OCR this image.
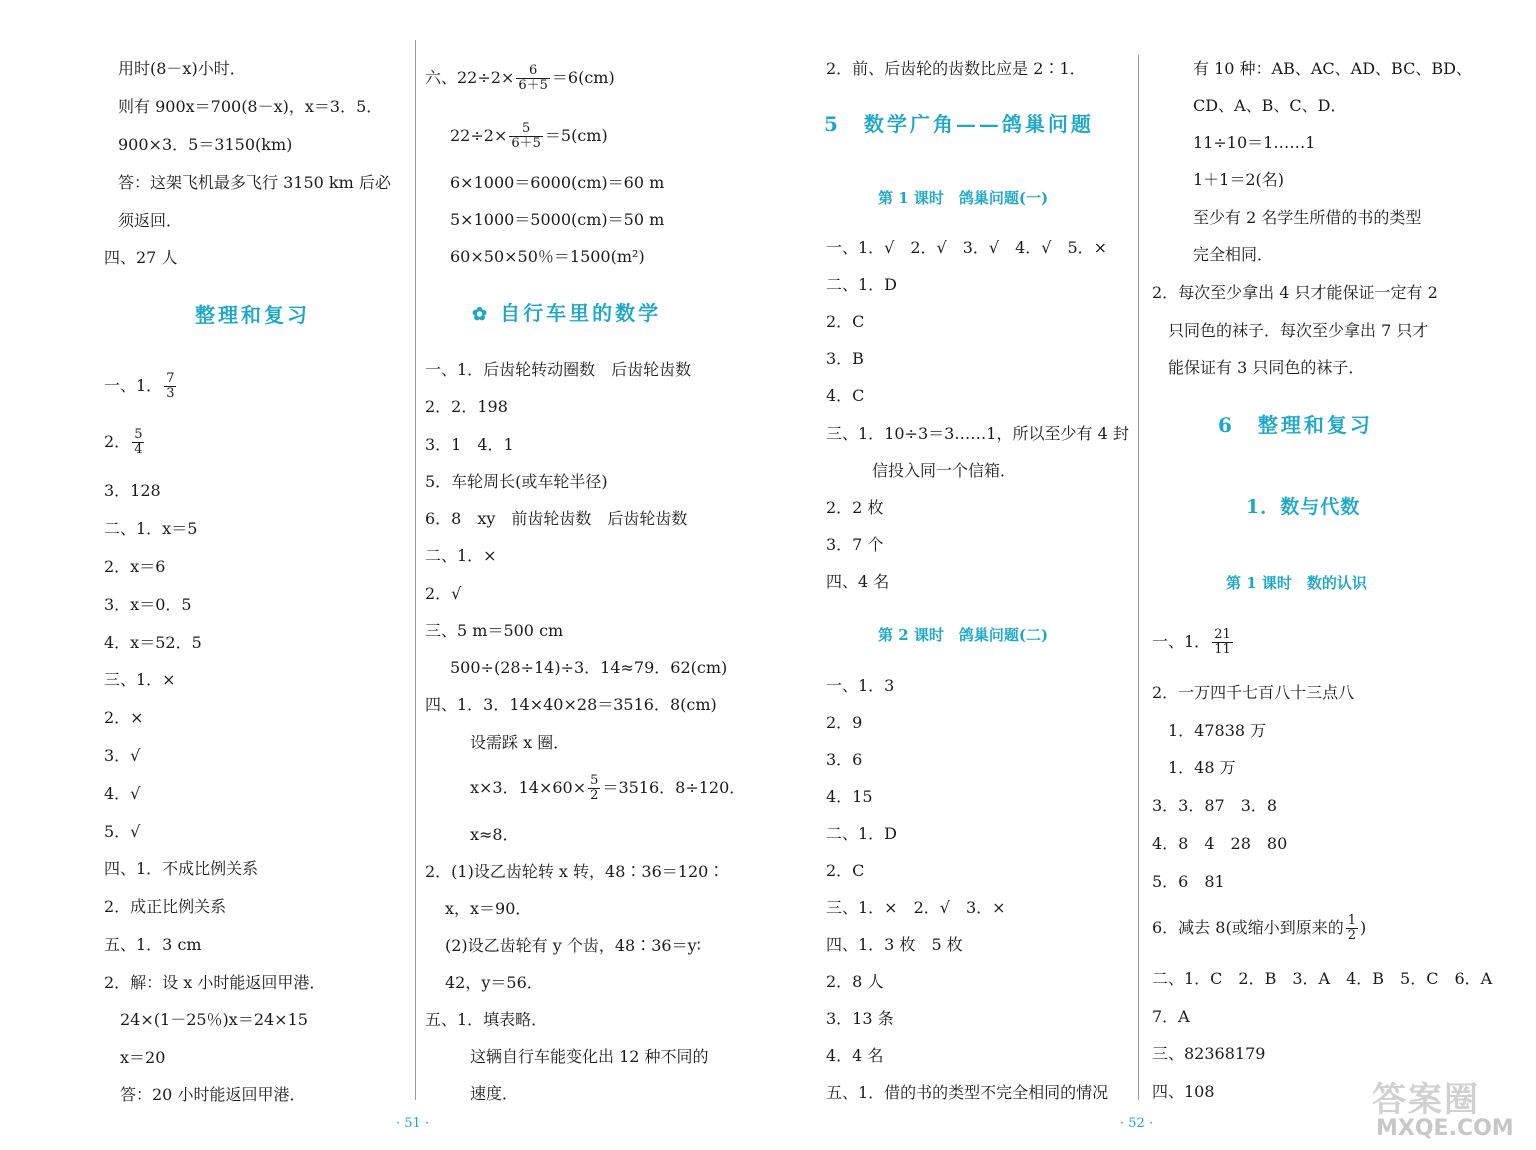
用时(8－x)小时．
则有 900x＝700(8－x)，x＝3．5．
900×3．5＝3150(km)
答：这架飞机最多飞行 3150 km 后必
须返回．
四、27 人
整理和复习
一、1． $\frac{7}{3}$
2． $\frac{5}{4}$
3．128
二、1．x＝5
2．x＝6
3．x＝0．5
4．x＝52．5
三、1．×
2．×
3．√
4．√
5．√
四、1．不成比例关系
2．成正比例关系
五、1．3 cm
2．解：设 x 小时能返回甲港．
24×(1－25％)x＝24×15
x＝20
答：20 小时能返回甲港．
六、$22\div 2\times \frac{6}{6+5} =6(cm)$
$22\div 2\times \frac{5}{6+5} =5(cm)$
6×1000＝6000(cm)＝60 m
5×1000＝5000(cm)＝50 m
60×50×50％＝1500(m²)
✿ 自行车里的数学
一、1．后齿轮转动圈数　后齿轮齿数
2．2．198
3．1　4．1
5．车轮周长(或车轮半径)
6．8　xy　前齿轮齿数　后齿轮齿数
二、1．×
2．√
三、5 m＝500 cm
500÷(28÷14)÷3．14≈79．62(cm)
四、1．3．14×40×28＝3516．8(cm)
设需踩 x 圈．
x×3．$14\times 60\times \frac{5}{2} =3516$．8÷120．
x≈8．
2．(1)设乙齿轮转 x 转，48∶36＝120∶
x，x＝90．
(2)设乙齿轮有 y 个齿，48∶36＝y∶
42，y＝56．
五、1．填表略．
这辆自行车能变化出 12 种不同的
速度．
2．前、后齿轮的齿数比应是 2∶1．
5　数学广角——鸽巢问题
第 1 课时　鸽巢问题(一)
一、1．√　2．√　3．√　4．√　5．×
二、1．D
2．C
3．B
4．C
三、1．10÷3＝3……1，所以至少有 4 封
信投入同一个信箱．
2．2 枚
3．7 个
四、4 名
第 2 课时　鸽巢问题(二)
一、1．3
2．9
3．6
4．15
二、1．D
2．C
三、1．×　2．√　3．×
四、1．3 枚　5 枚
2．8 人
3．13 条
4．4 名
五、1．借的书的类型不完全相同的情况
有 10 种：AB、AC、AD、BC、BD、
CD、A、B、C、D．
11÷10＝1……1
1＋1＝2(名)
至少有 2 名学生所借的书的类型
完全相同．
2．每次至少拿出 4 只才能保证一定有 2
只同色的袜子．每次至少拿出 7 只才
能保证有 3 只同色的袜子．
6　整理和复习
1．数与代数
第 1 课时　数的认识
一、1． $\frac{21}{11}$
2．一万四千七百八十三点八
1．47838 万
1．48 万
3．3．87　3．8
4．8　4　28　80
5．6　81
6．减去 8(或缩小到原来的 $\frac{1}{2}$ )
二、1．C　2．B　3．A　4．B　5．C　6．A
7．A
三、82368179
四、108
· 51 ·	· 52 ·
答案圈
MXQE.COM
